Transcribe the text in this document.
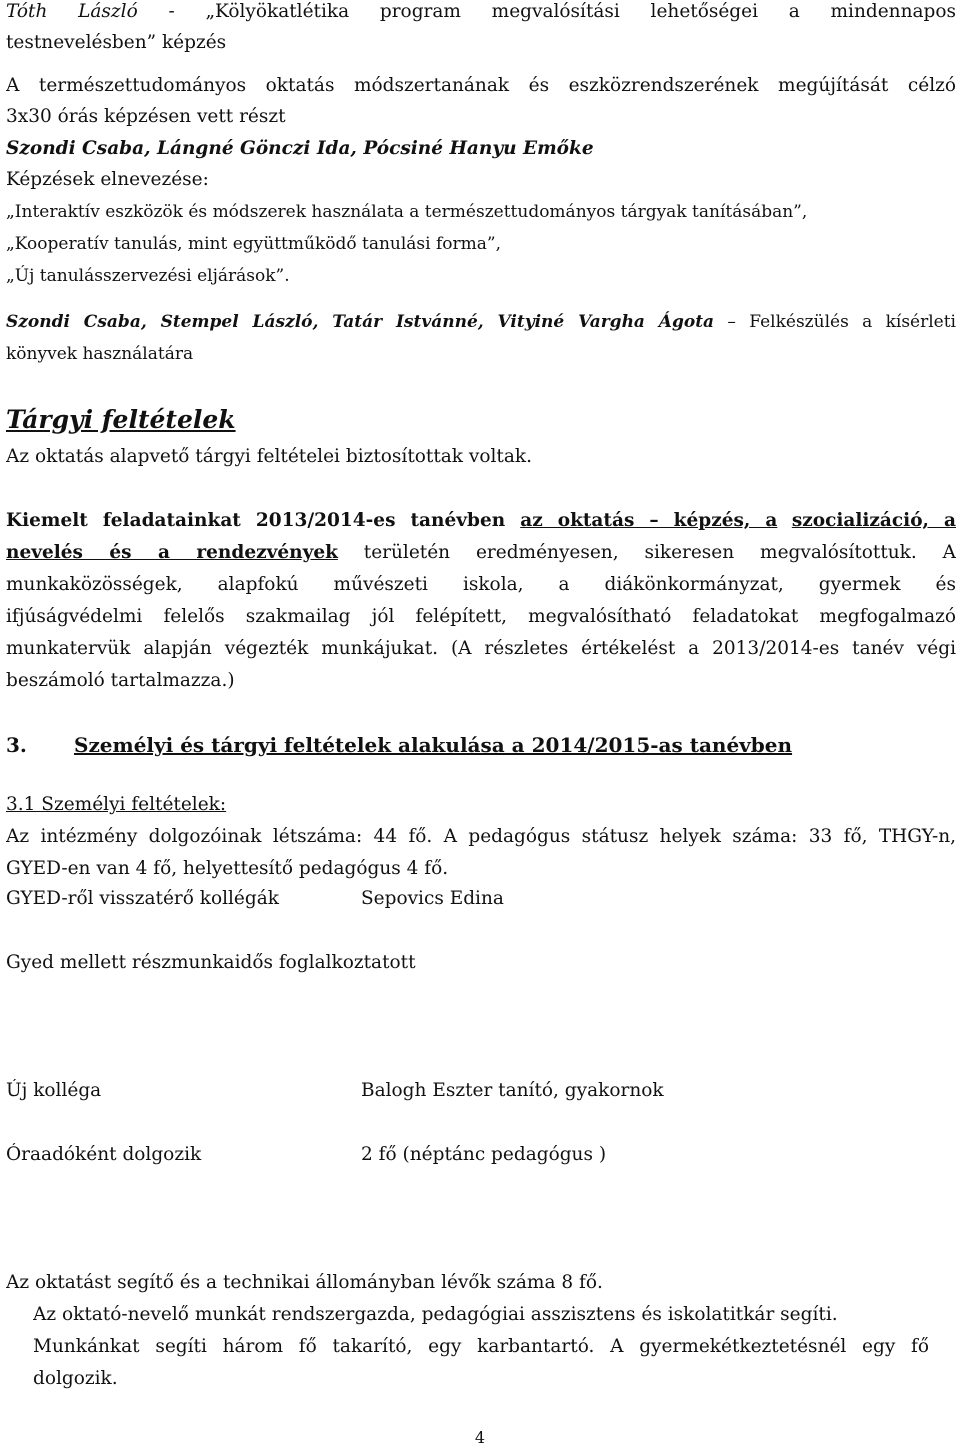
Tóth László - „Kölyökatlétika program megvalósítási lehetőségei a mindennapos
testnevelésben” képzés
A természettudományos oktatás módszertanának és eszközrendszerének megújítását célzó
3x30 órás képzésen vett részt
Szondi Csaba, Lángné Gönczi Ida, Pócsiné Hanyu Emőke
Képzések elnevezése:
„Interaktív eszközök és módszerek használata a természettudományos tárgyak tanításában”,
„Kooperatív tanulás, mint együttműködő tanulási forma”,
„Új tanulásszervezési eljárások”.
Szondi Csaba, Stempel László, Tatár Istvánné, Vityiné Vargha Ágota – Felkészülés a kísérleti
könyvek használatára
Tárgyi feltételek
Az oktatás alapvető tárgyi feltételei biztosítottak voltak.
Kiemelt feladatainkat 2013/2014-es tanévben az oktatás – képzés, a szocializáció, a
nevelés és a rendezvények területén eredményesen, sikeresen megvalósítottuk. A
munkaközösségek, alapfokú művészeti iskola, a diákönkormányzat, gyermek és
ifjúságvédelmi felelős szakmailag jól felépített, megvalósítható feladatokat megfogalmazó
munkatervük alapján végezték munkájukat. (A részletes értékelést a 2013/2014-es tanév végi
beszámoló tartalmazza.)
3. Személyi és tárgyi feltételek alakulása a 2014/2015-as tanévben
3.1 Személyi feltételek:
Az intézmény dolgozóinak létszáma: 44 fő. A pedagógus státusz helyek száma: 33 fő, THGY-n,
GYED-en van 4 fő, helyettesítő pedagógus 4 fő.
GYED-ről visszatérő kollégák	Sepovics Edina
Gyed mellett részmunkaidős foglalkoztatott
Új kolléga	Balogh Eszter tanító, gyakornok
Óraadóként dolgozik	2 fő (néptánc pedagógus )
Az oktatást segítő és a technikai állományban lévők száma 8 fő.
Az oktató-nevelő munkát rendszergazda, pedagógiai asszisztens és iskolatitkár segíti.
Munkánkat segíti három fő takarító, egy karbantartó. A gyermekétkeztetésnél egy fő
dolgozik.
4
